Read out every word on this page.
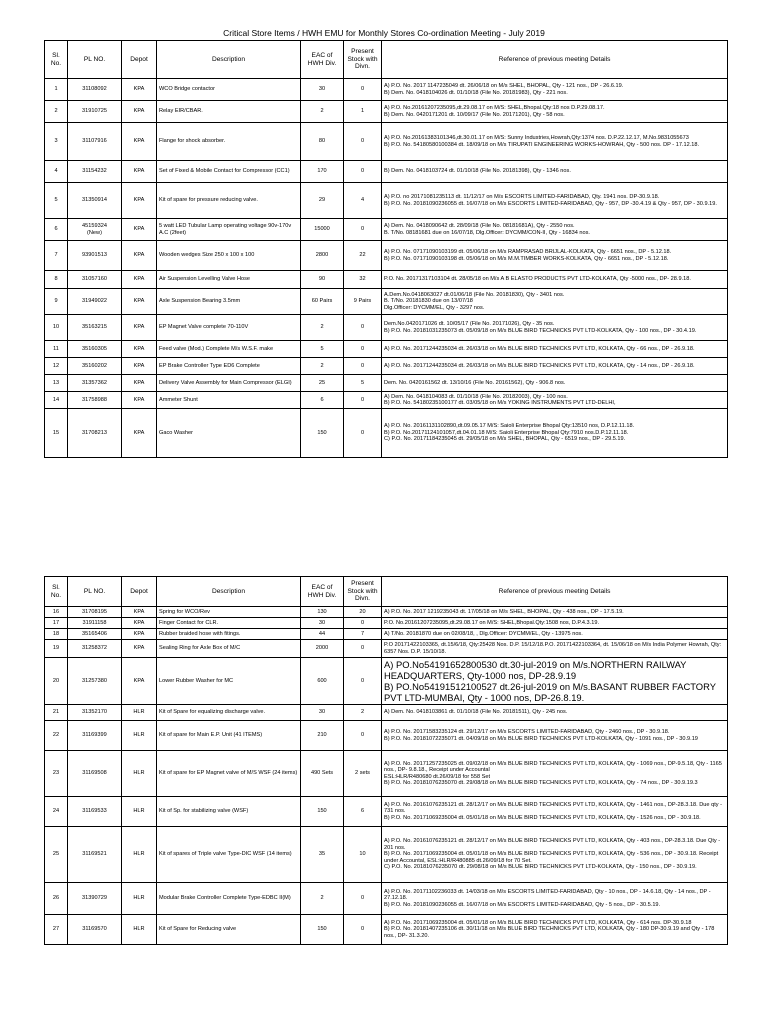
Critical Store Items / HWH EMU for Monthly Stores Co-ordination Meeting - July 2019
Sl. No.	PL NO.	Depot	Description	EAC of HWH Div.	Present Stock with Divn.	Reference of previous meeting Details
1	31108092	KPA	WCO Bridge contactor	30	0	A) P.O. No. 2017 1147235049 dt. 26/06/18 on M/s SHEL, BHOPAL, Qty - 121 nos., DP - 26.6.19.
B) Dem. No. 0418104026 dt. 01/10/18 (File No. 20181983), Qty - 221 nos.

2	31910725	KPA	Relay EIR/CBAR.	2	1	A) P.O. No.20161207235095,dt.29.08.17 on M/S: SHEL,Bhopal.Qty:18 nos D.P.29.08.17.
B) Dem. No. 0420171201 dt. 10/09/17 (File No. 20171201), Qty - 58 nos.

3	31107916	KPA	Flange for shock absorber.	80	0	A) P.O. No.20161383101346,dt.30.01.17 on M/S: Sunny Industries,Howrah,Qty:1374 nos. D.P.22.12.17, M.No.9831055673
B) P.O. No. 54180580100384 dt. 18/09/18 on M/s TIRUPATI ENGINEERING WORKS-HOWRAH, Qty - 500 nos. DP - 17.12.18.

4	31154232	KPA	Set of Fixed & Mobile Contact for Compressor (CC1)	170	0	B) Dem. No. 0418103724 dt. 01/10/18 (File No. 20181398), Qty - 1346 nos.

5	31350914	KPA	Kit of spare for pressure reducing valve.	29	4	A) P.O. no 20171081235113 dt. 11/12/17 on M/s ESCORTS LIMITED-FARIDABAD, Qty. 1941 nos. DP-30.9.18.
B) P.O. No. 20181090236055 dt. 16/07/18 on M/s ESCORTS LIMITED-FARIDABAD, Qty - 957, DP -30.4.19 & Qty - 957, DP - 30.9.19.

6	45159324
(New)	KPA	5 watt LED Tubular Lamp operating voltage 90v-170v A.C (2feet)	15000	0	A) Dem. No. 0418090642 dt. 28/09/18 (File No. 08181681A), Qty - 2550 nos.
B. T/No. 08181681 due on 16/07/18, Dlg.Officer: DYCMM/CON-II, Qty - 16834 nos.

7	93901513	KPA	Wooden wedges Size 250 x 100 x 100	2800	22	A) P.O. No. 07171090103199 dt. 05/06/18 on M/s RAMPRASAD BRIJLAL-KOLKATA, Qty - 6651 nos., DP - 5.12.18.
B) P.O. No. 07171090103198 dt. 05/06/18 on M/s M.M.TIMBER WORKS-KOLKATA, Qty - 6651 nos., DP - 5.12.18.

8	31057160	KPA	Air Suspension Levelling Valve Hose	90	32	P.O. No. 20171317103104 dt. 28/05/18 on M/s A B ELASTO PRODUCTS PVT LTD-KOLKATA, Qty -5000 nos., DP- 28.9.18.

9	31949022	KPA	Axle Suspension Bearing 3.5mm	60 Pairs	9 Pairs	A.Dem.No.0418063027 dt.01/06/18 (File No. 20181830), Qty - 3401 nos.
B. T/No. 20181830 due on 13/07/18
Dlg.Officer: DYCMM/EL, Qty - 3297 nos.

10	35163215	KPA	EP Magnet Valve complete 70-110V	2	0	Dem.No.0420171026 dt. 10/05/17 (File No. 20171026), Qty - 35 nos.
B) P.O. No. 20181031235073 dt. 05/09/18 on M/s BLUE BIRD TECHNICKS PVT LTD-KOLKATA, Qty - 100 nos., DP - 30.4.19.

11	35160305	KPA	Feed valve (Mod.) Complete M/s W.S.F. make	5	0	A) P.O. No. 20171244235034 dt. 26/03/18 on M/s BLUE BIRD TECHNICKS PVT LTD, KOLKATA, Qty - 66 nos., DP - 26.9.18.

12	35160202	KPA	EP Brake Controller Type ED6 Complete	2	0	A) P.O. No. 20171244235034 dt. 26/03/18 on M/s BLUE BIRD TECHNICKS PVT LTD, KOLKATA, Qty - 14 nos., DP - 26.9.18.

13	31357362	KPA	Delivery Valve Assembly for Main Compressor (ELGI)	25	5	Dem. No. 0420161562 dt. 13/10/16 (File No. 20161562), Qty - 906.8 nos.

14	31758988	KPA	Ammeter Shunt	6	0	A) Dem. No. 0418104083 dt. 01/10/18 (File No. 20182003), Qty - 100 nos.
B) P.O. No. 54180235100177 dt. 03/05/18 on M/s YOKING INSTRUMENTS PVT LTD-DELHI,

15	31708213	KPA	Gaco Washer	150	0	A) P.O. No. 20161131102890,dt.09.05.17 M/S: Saioli Enterprise Bhopal Qty:13510 nos, D.P.12.11.18.
B) P.O. No.20171124101057,dt.04.01.18 M/S: Saioli Enterprise Bhopal Qty:7910 nos.D.P.12.11.18.
C) P.O. No. 20171184235045 dt. 29/05/18 on M/s SHEL, BHOPAL, Qty - 6519 nos., DP - 29.5.19.
Sl. No.	PL NO.	Depot	Description	EAC of HWH Div.	Present Stock with Divn.	Reference of previous meeting Details
16	31708195	KPA	Spring for WCO/Rev	130	20	A) P.O. No. 2017 1219235043 dt. 17/05/18 on M/s SHEL, BHOPAL, Qty - 438 nos., DP - 17.5.19.

17	31911158	KPA	Finger Contact for CLR.	30	0	P.O. No.20161207235095,dt.29.08.17 on M/S: SHEL,Bhopal.Qty:1508 nos, D.P.4.3.19.

18	35165406	KPA	Rubber braided hose with fitings.	44	7	A) T/No. 20181870 due on 02/08/18, , Dlg.Officer: DYCMM/EL, Qty - 13975 nos.

19	31258372	KPA	Sealing Ring for Axle Box of M/C	2000	0	P.O 20171422103365, dt.15/6/18, Qty:25428 Nos. D.P. 15/12/18.P.O. 20171422103364, dt. 15/06/18 on M/s India Polymer Howrah, Qty: 6357 Nos. D.P. 15/10/18.

20	31257380	KPA	Lower Rubber Washer for MC	600	0	A) PO.No54191652800530 dt.30-jul-2019 on M/s.NORTHERN RAILWAY HEADQUARTERS, Qty-1000 nos, DP-28.9.19
B) PO.No54191512100527 dt.26-jul-2019 on M/s.BASANT RUBBER FACTORY PVT LTD-MUMBAI, Qty - 1000 nos, DP-26.8.19.

21	31352170	HLR	Kit of Spare for equalizing discharge valve.	30	2	A) Dem. No. 0418103861 dt. 01/10/18 (File No. 20181511), Qty - 245 nos.

22	31169399	HLR	Kit of spare for Main E.P. Unit (41 ITEMS)	210	0	A) P.O. No. 20171583235124 dt. 29/12/17 on M/s ESCORTS LIMITED-FARIDABAD, Qty - 2460 nos., DP - 30.9.18.
B) P.O. No. 20181072235071 dt. 04/09/18 on M/s BLUE BIRD TECHNICKS PVT LTD-KOLKATA, Qty - 1091 nos., DP - 30.9.19

23	31169508	HLR	Kit of spare for EP Magnet valve of M/S WSF (24 items)	490 Sets	2 sets	A) P.O. No. 20171257235025 dt. 09/02/18 on M/s BLUE BIRD TECHNICKS PVT LTD, KOLKATA, Qty - 1069 nos., DP-9.5.18, Qty - 1165 nos., DP- 9.8.18., Receipt under Accountal
ESL:HLR/R480680 dt.26/09/18 for 558 Set
B) P.O. No. 20181076235070 dt. 29/08/18 on M/s BLUE BIRD TECHNICKS PVT LTD, KOLKATA, Qty - 74 nos., DP - 30.9.19.3

24	31169533	HLR	Kit of Sp. for stabilizing valve (WSF)	150	6	A) P.O. No. 20161076235121 dt. 28/12/17 on M/s BLUE BIRD TECHNICKS PVT LTD, KOLKATA, Qty - 1461 nos., DP-28.3.18. Due qty - 731 nos.
B) P.O. No. 20171069235004 dt. 05/01/18 on M/s BLUE BIRD TECHNICKS PVT LTD, KOLKATA, Qty - 1526 nos., DP - 30.9.18.

25	31169521	HLR	Kit of spares of Triple valve Type-DIC WSF (14 items)	35	10	A) P.O. No. 20161076235121 dt. 28/12/17 on M/s BLUE BIRD TECHNICKS PVT LTD, KOLKATA, Qty - 403 nos., DP-28.3.18. Due Qty - 201 nos.
B) P.O. No. 20171069235004 dt. 05/01/18 on M/s BLUE BIRD TECHNICKS PVT LTD, KOLKATA, Qty - 536 nos., DP - 30.9.18. Receipt under Accountal, ESL:HLR/R480885 dt.26/09/18 for 70 Set.
C) P.O. No. 20181076235070 dt. 29/08/18 on M/s BLUE BIRD TECHNICKS PVT LTD-KOLKATA, Qty - 150 nos., DP - 30.9.19.

26	31390729	HLR	Modular Brake Controller Complete Type-EDBC II(M)	2	0	A) P.O. No. 20171102236033 dt. 14/03/18 on M/s ESCORTS LIMITED-FARIDABAD, Qty - 10 nos., DP - 14.6.18, Qty - 14 nos., DP - 27.12.18.
B) P.O. No. 20181090236055 dt. 16/07/18 on M/s ESCORTS LIMITED-FARIDABAD, Qty - 5 nos., DP - 30.5.19.

27	31169570	HLR	Kit of Spare for Reducing valve	150	0	A) P.O. No. 20171069235004 dt. 05/01/18 on M/s BLUE BIRD TECHNICKS PVT LTD, KOLKATA, Qty - 614 nos. DP-30.9.18
B) P.O. No. 20181407235106 dt. 30/11/18 on M/s BLUE BIRD TECHNICKS PVT LTD, KOLKATA, Qty - 180 DP-30.9.19 and Qty - 178 nos., DP- 31.3.20.
